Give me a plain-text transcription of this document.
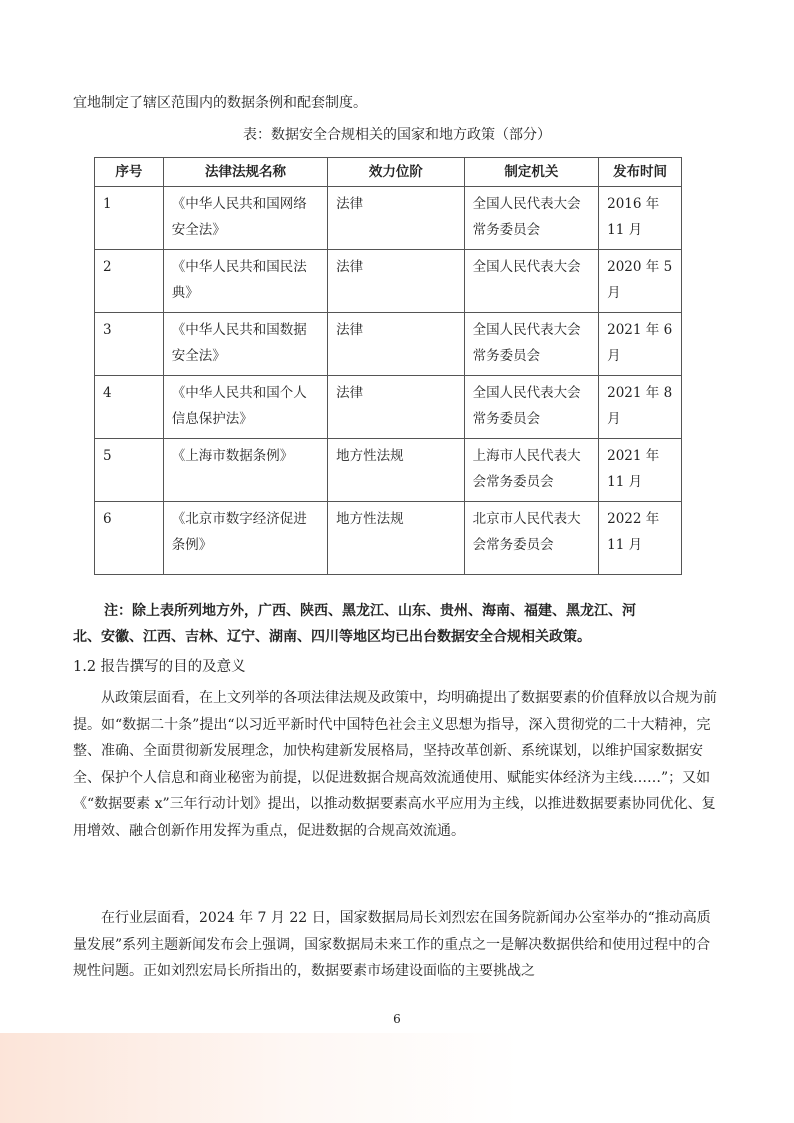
宜地制定了辖区范围内的数据条例和配套制度。
表：数据安全合规相关的国家和地方政策（部分）
序号	法律法规名称	效力位阶	制定机关	发布时间
1	《中华人民共和国网络安全法》	法律	全国人民代表大会常务委员会	2016 年 11 月
2	《中华人民共和国民法典》	法律	全国人民代表大会	2020 年 5 月
3	《中华人民共和国数据安全法》	法律	全国人民代表大会常务委员会	2021 年 6 月
4	《中华人民共和国个人信息保护法》	法律	全国人民代表大会常务委员会	2021 年 8 月
5	《上海市数据条例》	地方性法规	上海市人民代表大会常务委员会	2021 年 11 月
6	《北京市数字经济促进条例》	地方性法规	北京市人民代表大会常务委员会	2022 年 11 月
注：除上表所列地方外，广西、陕西、黑龙江、山东、贵州、海南、福建、黑龙江、河
北、安徽、江西、吉林、辽宁、湖南、四川等地区均已出台数据安全合规相关政策。
1.2 报告撰写的目的及意义
从政策层面看，在上文列举的各项法律法规及政策中，均明确提出了数据要素的价值释放以合规为前提。如“数据二十条”提出“以习近平新时代中国特色社会主义思想为指导，深入贯彻党的二十大精神，完整、准确、全面贯彻新发展理念，加快构建新发展格局，坚持改革创新、系统谋划，以维护国家数据安全、保护个人信息和商业秘密为前提，以促进数据合规高效流通使用、赋能实体经济为主线……”；又如《“数据要素 x”三年行动计划》提出，以推动数据要素高水平应用为主线，以推进数据要素协同优化、复用增效、融合创新作用发挥为重点，促进数据的合规高效流通。
在行业层面看，2024 年 7 月 22 日，国家数据局局长刘烈宏在国务院新闻办公室举办的“推动高质量发展”系列主题新闻发布会上强调，国家数据局未来工作的重点之一是解决数据供给和使用过程中的合规性问题。正如刘烈宏局长所指出的，数据要素市场建设面临的主要挑战之
6
